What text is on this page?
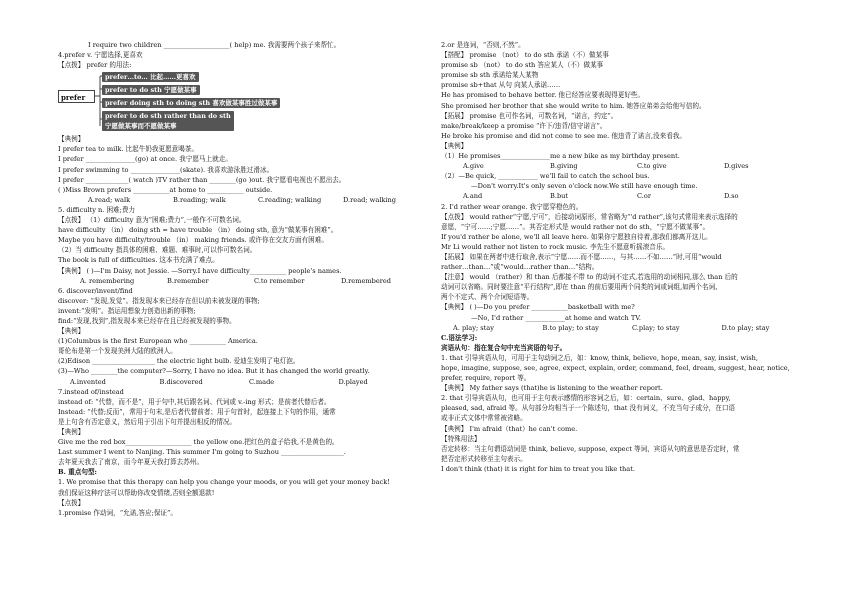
I require two children ____________________( help) me. 我需要两个孩子来帮忙。
4.prefer v. 宁愿选择,更喜欢
【点拨】 prefer 的用法:
prefer
prefer…to… 比起……更喜欢
prefer to do sth 宁愿做某事
prefer doing sth to doing sth 喜欢做某事胜过做某事
prefer to do sth rather than do sth
宁愿做某事而不愿做某事
【典例】
I prefer tea to milk. 比起牛奶我更愿意喝茶。
I prefer _______________(go) at once. 我宁愿马上就走。
I prefer swimming to _______________(skate). 我喜欢游泳胜过滑冰。
I prefer _____________( watch )TV rather than ________(go )out. 我宁愿看电视也不愿出去。
( )Miss Brown prefers ___________at home to ___________ outside.
A.read; walk	B.reading; walk	C.reading; walking	D.read; walking
5. difficulty n. 困难;费力
【点拨】 （1）difficulty 意为“困难;费力”,一般作不可数名词。
have difficulty （in） doing sth = have trouble （in） doing sth, 意为“做某事有困难”。
Maybe you have difficulty/trouble （in） making friends. 或许你在交友方面有困难。
（2）当 difficulty 指具体的困难、难题、难事时,可以作可数名词。
The book is full of difficulties. 这本书充满了难点。
【典例】 ( )—I'm Daisy, not Jessie. —Sorry.I have difficulty___________ people's names.
A. remembering	B.remember	C.to remember	D.remembered
6. discover/invent/find
discover: “发现,发觉”。指发现本来已经存在但以前未被发现的事物;
invent:“发明”。指运用想象力创造出新的事物;
find:“发现,找到”,指发现本来已经存在且已经被发现的事物。
【典例】
(1)Columbus is the first European who ___________ America.
哥伦布是第一个发现美洲大陆的欧洲人。
(2)Edison ___________________ the electric light bulb. 爱迪生发明了电灯泡。
(3)—Who ________the computer?—Sorry, I have no idea. But it has changed the world greatly.
A.invented	B.discovered	C.made	D.played
7.instead of/instead
instead of: “代替，而不是”，用于句中,其后跟名词、代词或 v.-ing 形式；是前者代替后者。
Instead: “代替;反而”，常用于句末,是后者代替前者；用于句首时，起连接上下句的作用，通常
是上句含有否定意义，然后用于引出下句并提出相反的情况。
【典例】
Give me the red box____________________ the yellow one.把红色的盒子给我,不是黄色的。
Last summer I went to Nanjing. This summer I'm going to Suzhou ___________________.
去年夏天我去了南京，而今年夏天我打算去苏州。
B. 重点句型:
1. We promise that this therapy can help you change your moods, or you will get your money back!
我们保证这种疗法可以帮助你改变情绪,否则全额退款!
【点拨】
1.promise 作动词，“允诺,答应;保证”。
2.or 是连词，“否则,不然”。
【搭配】 promise （not） to do sth 承诺（不）做某事
promise sb （not） to do sth 答应某人（不）做某事
promise sb sth 承诺给某人某物
promise sb+that 从句 向某人承诺……
He has promised to behave better. 他已经答应要表现得更好些。
She promised her brother that she would write to him. 她答应弟弟会给他写信的。
【拓展】 promise 也可作名词，可数名词，“诺言，约定”。
make/break/keep a promise “许下/违背/信守诺言”。
He broke his promise and did not come to see me. 他违背了诺言,没来看我。
【典例】
（1）He promises_______________me a new bike as my birthday present.
A.give	B.giving	C.to give	D.gives
（2）—Be quick, ____________ we'll fail to catch the school bus.
—Don't worry.It's only seven o'clock now.We still have enough time.
A.and	B.but	C.or	D.so
2. I'd rather wear orange. 我宁愿穿橙色的。
【点拨】 would rather“宁愿,宁可”，后接动词原形，常省略为“'d rather”,该句式常用来表示选择的
意愿，“宁可……;宁愿……”。其否定形式是 would rather not do sth，“宁愿不做某事”。
If you'd rather be alone, we'll all leave here. 如果你宁愿独自待着,那我们都离开这儿。
Mr Li would rather not listen to rock music. 李先生不愿意听摇滚音乐。
【拓展】 如果在两者中进行取舍,表示“宁愿……而不愿……，与其……不如……”时,可用“would
rather…than…”或“would…rather than…”结构。
【注意】 would （rather）和 than 后都接不带 to 的动词不定式,若选用的动词相同,那么 than 后的
动词可以省略。同时要注意“平行结构”,即在 than 的前后要用两个同类的词或词组,如两个名词、
两个不定式、两个介词短语等。
【典例】 ( )—Do you prefer ___________basketball with me?
—No, I'd rather ____________at home and watch TV.
A. play; stay	B.to play; to stay	C.play; to stay	D.to play; stay
C.语法学习:
宾语从句：指在复合句中充当宾语的句子。
1. that 引导宾语从句，可用于主句动词之后，如：know, think, believe, hope, mean, say, insist, wish,
hope, imagine, suppose, see, agree, expect, explain, order, command, feel, dream, suggest, hear, notice,
prefer, require, report 等。
【典例】 My father says (that)he is listening to the weather report.
2. that 引导宾语从句，也可用于主句表示感情的形容词之后，如：certain、sure、glad、happy,
pleased, sad, afraid 等。从句部分均相当于一个陈述句，that 没有词义，不充当句子成分，在口语
或非正式文体中常常被省略。
【典例】 I'm afraid（that）he can't come.
【特殊用法】
否定转移：当主句谓语动词是 think, believe, suppose, expect 等词，宾语从句的意思是否定时，常
把否定形式转移至主句表示。
I don't think (that) it is right for him to treat you like that.
